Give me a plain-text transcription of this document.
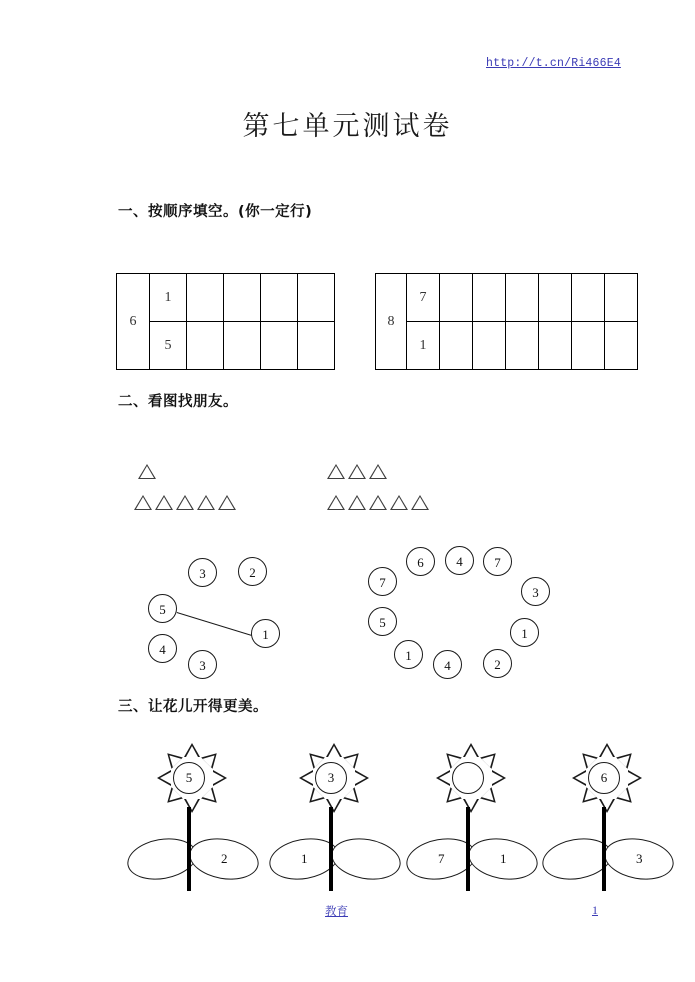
http://t.cn/Ri466E4
第七单元测试卷
一、按顺序填空。(你一定行)
6	1				
	5				
8	7						
	1						
二、看图找朋友。
3	2
5
1
4
3
6	4	7
3
1
2
4
1
5
7
三、让花儿开得更美。
5
2
3
1	7	1
6
3
教育	1
